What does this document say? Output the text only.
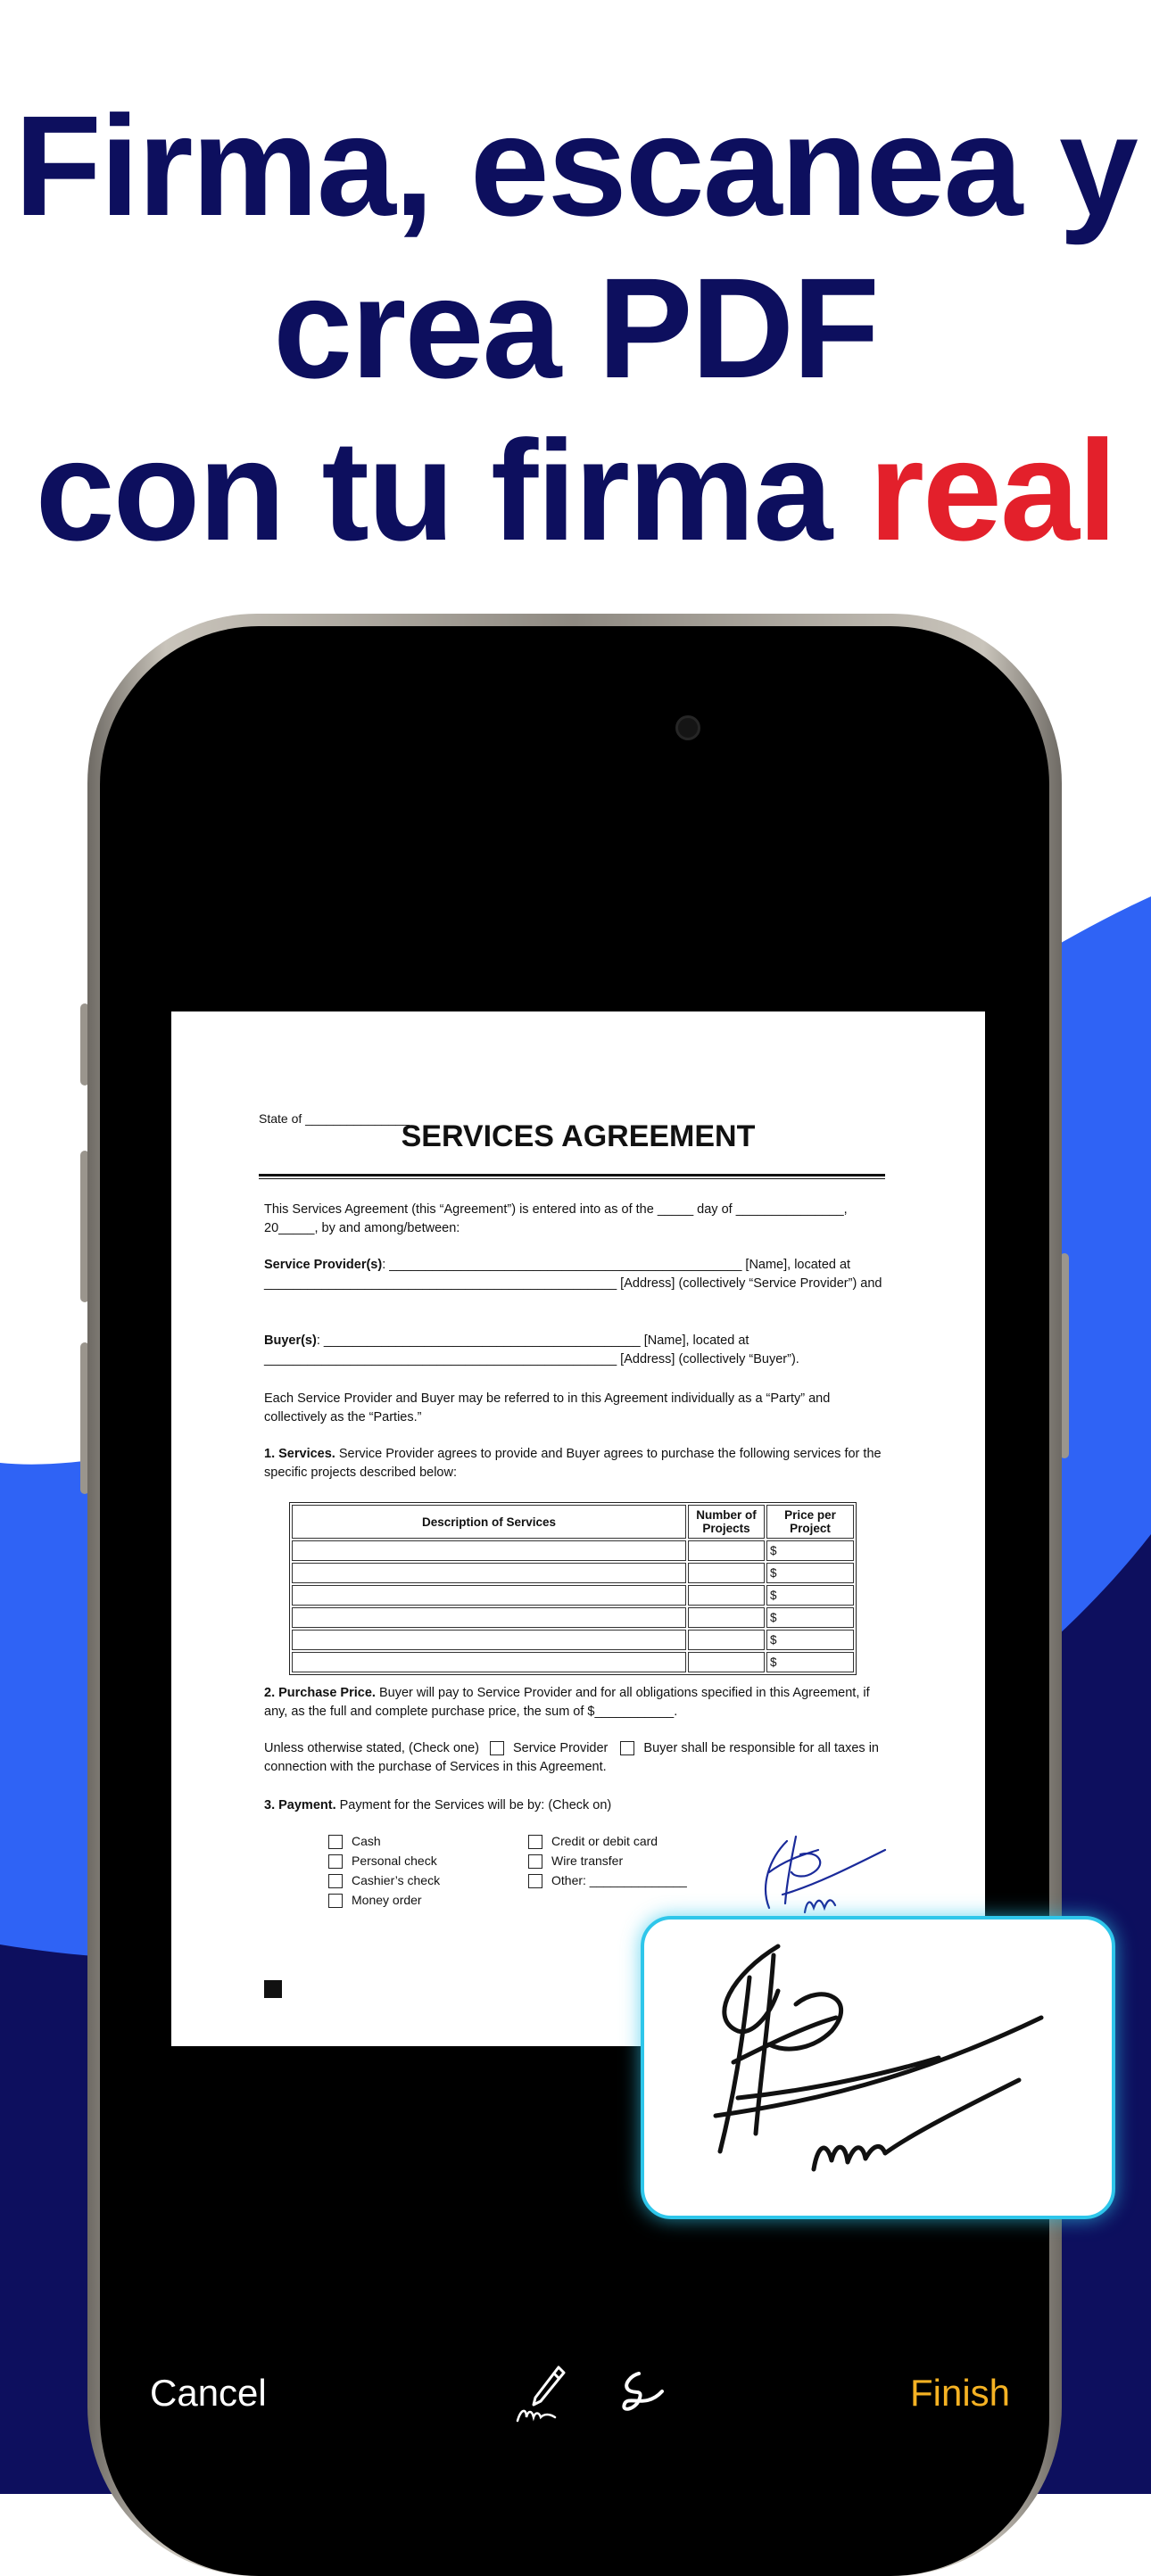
Firma, escanea y
crea PDF
con tu firma real
State of _______________
SERVICES AGREEMENT
This Services Agreement (this “Agreement”) is entered into as of the _____ day of _______________, 20_____, by and among/between:
Service Provider(s): _________________________________________________ [Name], located at _________________________________________________ [Address] (collectively “Service Provider”) and
Buyer(s): ____________________________________________ [Name], located at _________________________________________________ [Address] (collectively “Buyer”).
Each Service Provider and Buyer may be referred to in this Agreement individually as a “Party” and collectively as the “Parties.”
1. Services. Service Provider agrees to provide and Buyer agrees to purchase the following services for the specific projects described below:
Description of Services	Number of Projects	Price per Project
		$
		$
		$
		$
		$
		$
2. Purchase Price. Buyer will pay to Service Provider and for all obligations specified in this Agreement, if any, as the full and complete purchase price, the sum of $___________.
Unless otherwise stated, (Check one)	Service Provider	Buyer shall be responsible for all taxes in connection with the purchase of Services in this Agreement.
3. Payment. Payment for the Services will be by: (Check on)
Cash
Personal check
Cashier’s check
Money order
Credit or debit card
Wire transfer
Other: ______________
Cancel	Finish
